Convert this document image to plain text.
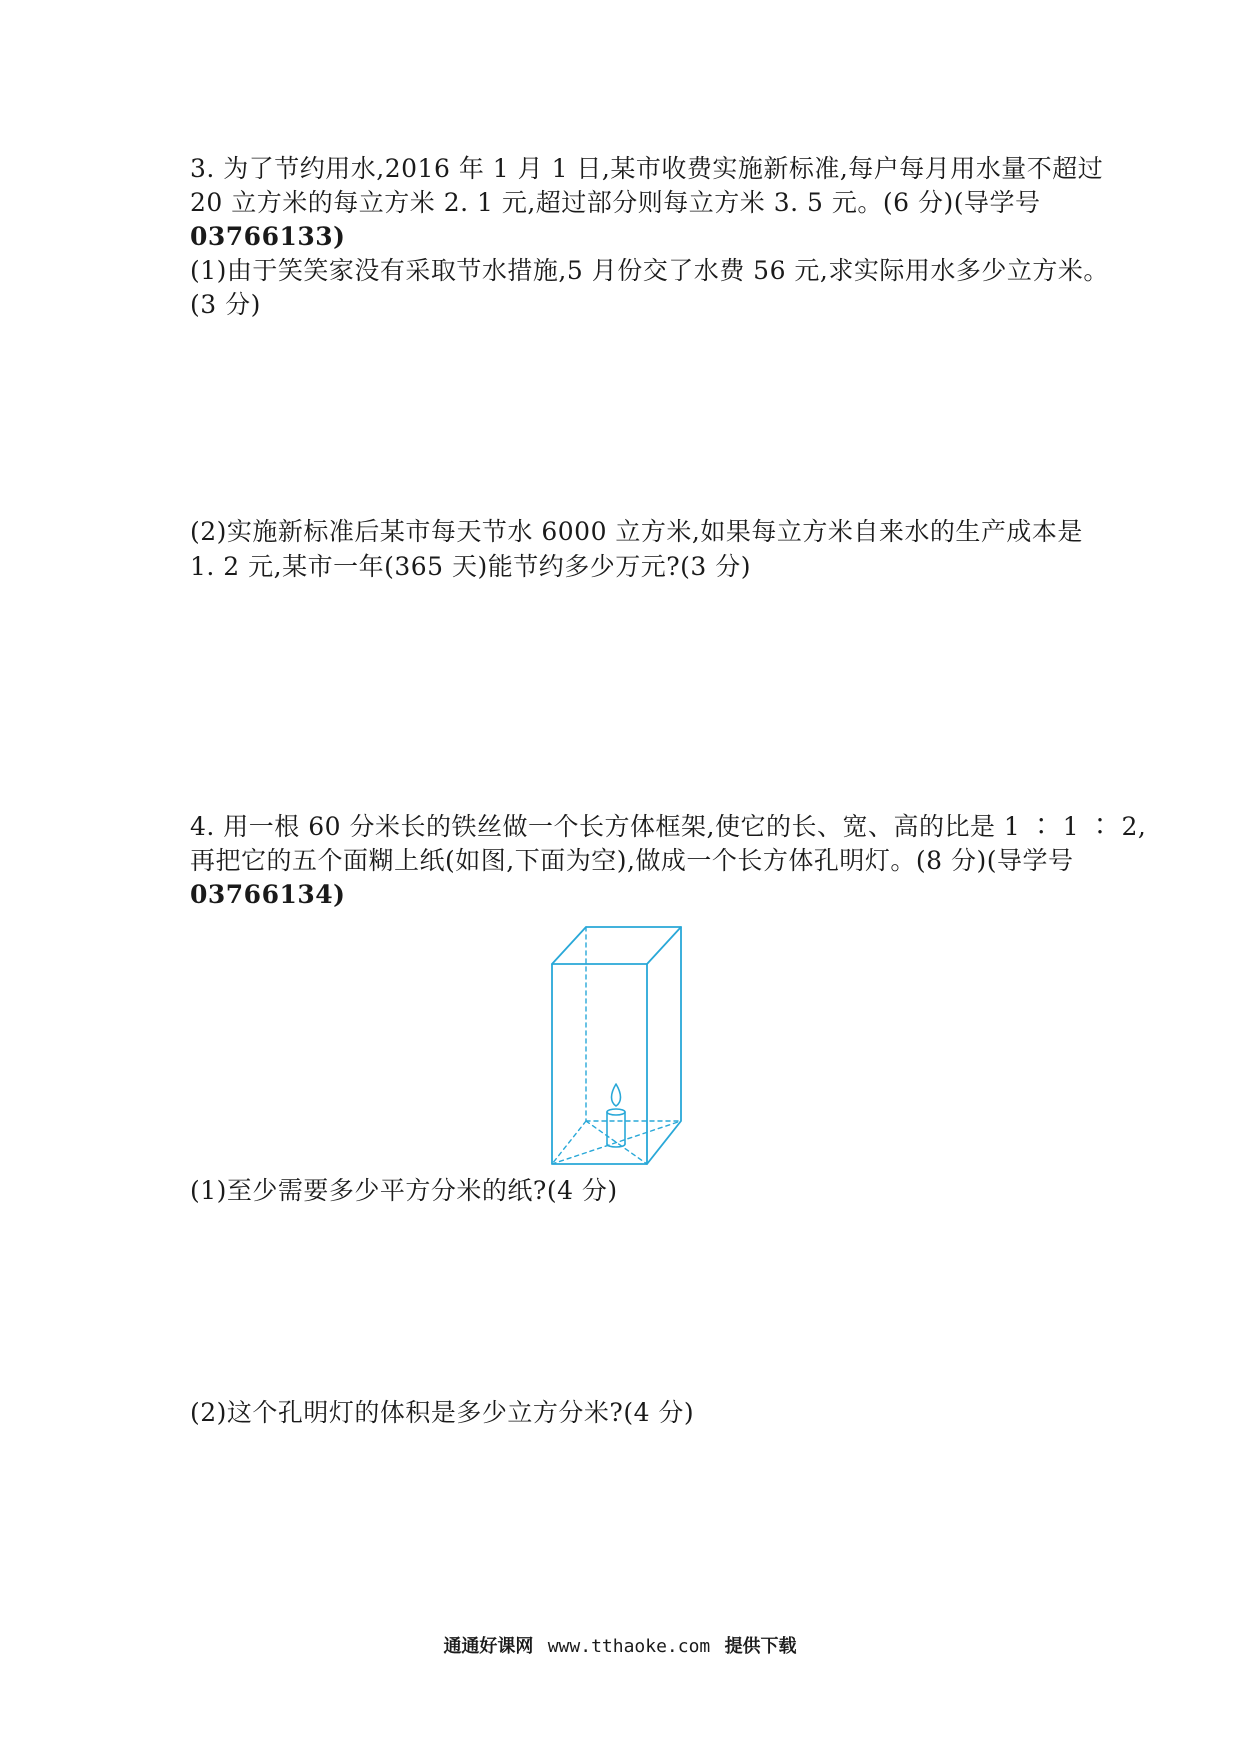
3. 为了节约用水,2016 年 1 月 1 日,某市收费实施新标准,每户每月用水量不超过
20 立方米的每立方米 2. 1 元,超过部分则每立方米 3. 5 元。(6 分)(导学号
03766133)
(1)由于笑笑家没有采取节水措施,5 月份交了水费 56 元,求实际用水多少立方米。
(3 分)
(2)实施新标准后某市每天节水 6000 立方米,如果每立方米自来水的生产成本是
1. 2 元,某市一年(365 天)能节约多少万元?(3 分)
4. 用一根 60 分米长的铁丝做一个长方体框架,使它的长、宽、高的比是 1 ∶ 1 ∶ 2,
再把它的五个面糊上纸(如图,下面为空),做成一个长方体孔明灯。(8 分)(导学号
03766134)
(1)至少需要多少平方分米的纸?(4 分)
(2)这个孔明灯的体积是多少立方分米?(4 分)
通通好课网 www.tthaoke.com 提供下载
